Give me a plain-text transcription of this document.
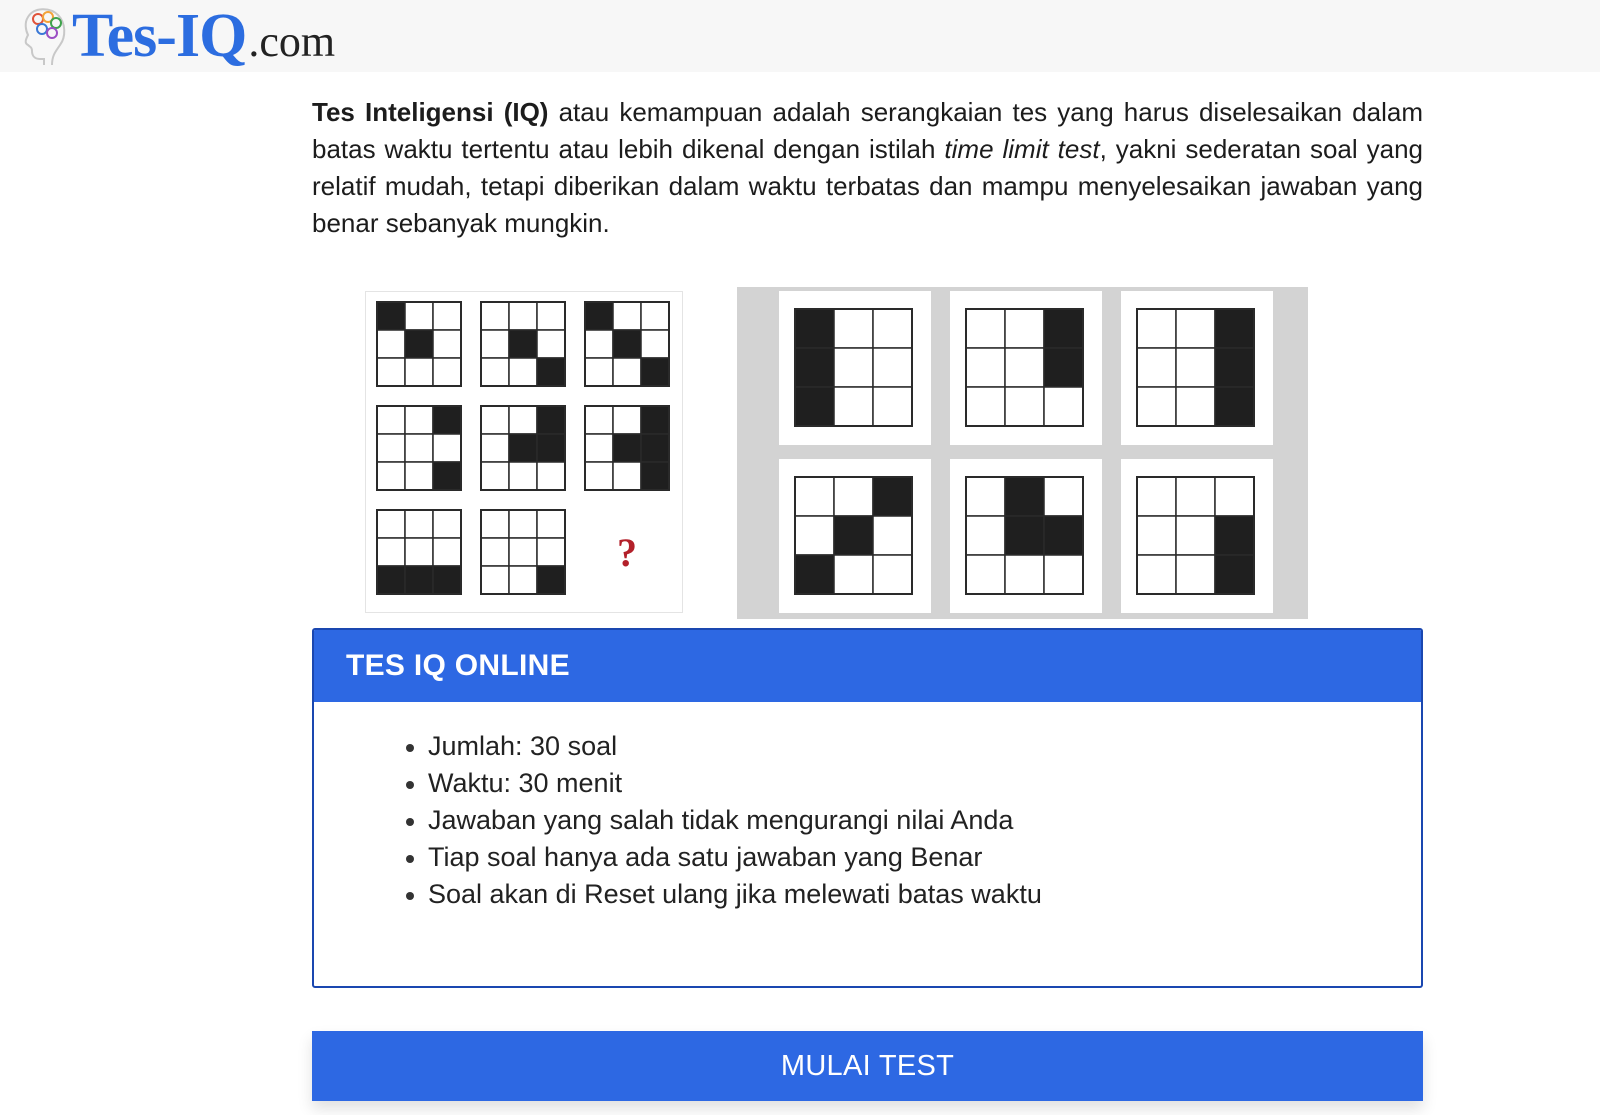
Tes-IQ .com

Tes Inteligensi (IQ) atau kemampuan adalah serangkaian tes yang harus diselesaikan dalam batas waktu tertentu atau lebih dikenal dengan istilah time limit test, yakni sederatan soal yang relatif mudah, tetapi diberikan dalam waktu terbatas dan mampu menyelesaikan jawaban yang benar sebanyak mungkin.

?
TES IQ ONLINE
Jumlah: 30 soal
Waktu: 30 menit
Jawaban yang salah tidak mengurangi nilai Anda
Tiap soal hanya ada satu jawaban yang Benar
Soal akan di Reset ulang jika melewati batas waktu
MULAI TEST
